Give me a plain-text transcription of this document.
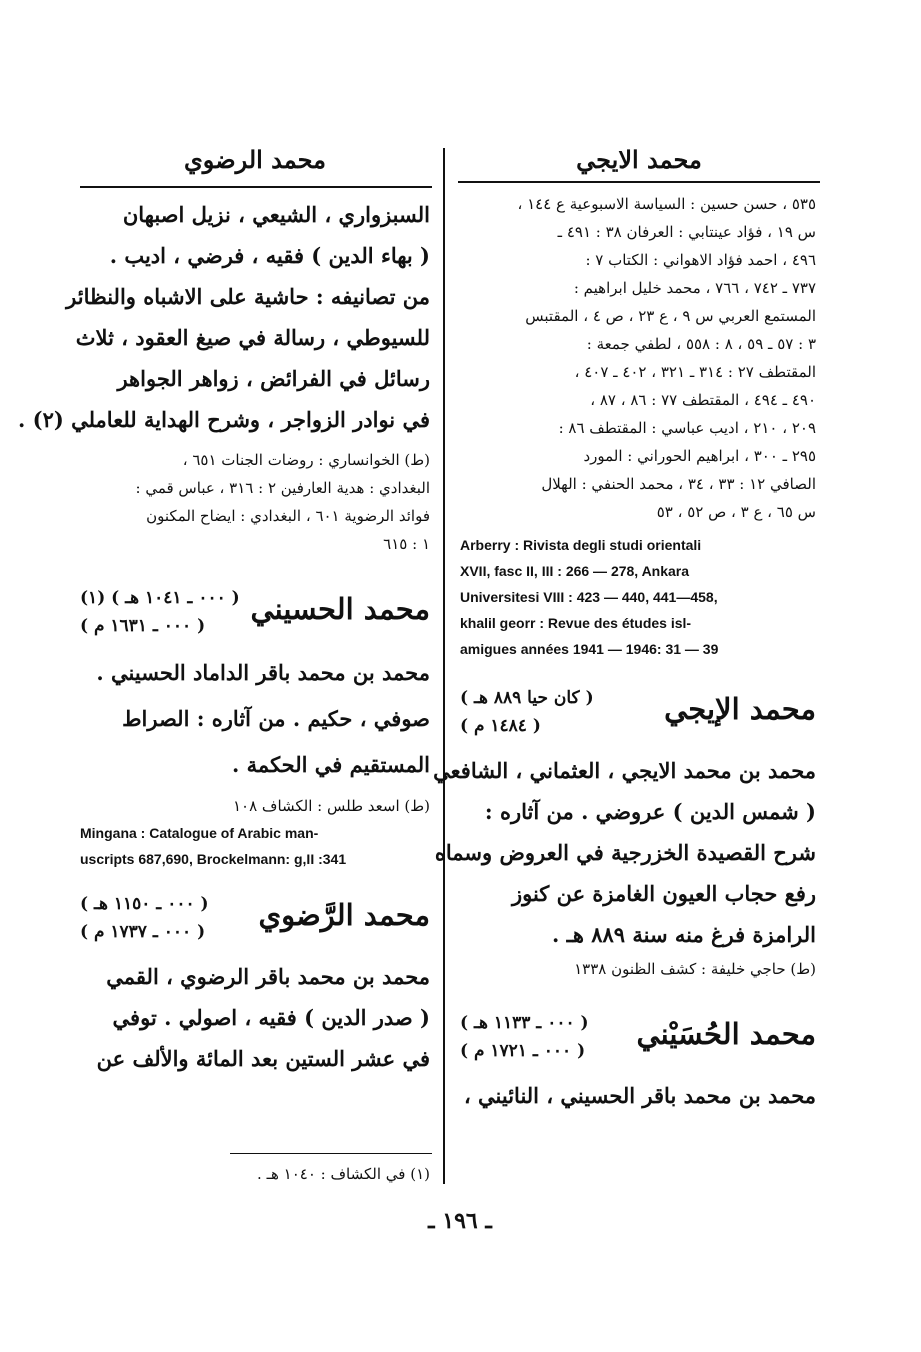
محمد الرضوي	محمد الايجي
٥٣٥ ، حسن حسين : السياسة الاسبوعية ع ١٤٤ ،
س ١٩ ، فؤاد عينتابي : العرفان ٣٨ : ٤٩١ ـ
٤٩٦ ، احمد فؤاد الاهواني : الكتاب ٧ :
٧٣٧ ـ ٧٤٢ ، ٧٦٦ ، محمد خليل ابراهيم :
المستمع العربي س ٩ ، ع ٢٣ ، ص ٤ ، المقتبس
٣ : ٥٧ ـ ٥٩ ، ٨ : ٥٥٨ ، لطفي جمعة :
المقتطف ٢٧ : ٣١٤ ـ ٣٢١ ، ٤٠٢ ـ ٤٠٧ ،
٤٩٠ ـ ٤٩٤ ، المقتطف ٧٧ : ٨٦ ، ٨٧ ،
٢٠٩ ، ٢١٠ ، اديب عباسي : المقتطف ٨٦ :
٢٩٥ ـ ٣٠٠ ، ابراهيم الحوراني : المورد
الصافي ١٢ : ٣٣ ، ٣٤ ، محمد الحنفي : الهلال
س ٦٥ ، ع ٣ ، ص ٥٢ ، ٥٣
Arberry : Rivista degli studi orientali
XVII, fasc II, III : 266 — 278, Ankara
Universitesi VIII : 423 — 440, 441—458,
khalil georr : Revue des études isl-
amigues années 1941 — 1946: 31 — 39
محمد الإيجي
( كان حيا ٨٨٩ هـ )
( ١٤٨٤ م )
محمد بن محمد الايجي ، العثماني ، الشافعي
( شمس الدين ) عروضي . من آثاره :
شرح القصيدة الخزرجية في العروض وسماه
رفع حجاب العيون الغامزة عن كنوز
الرامزة فرغ منه سنة ٨٨٩ هـ .
(ط) حاجي خليفة : كشف الظنون ١٣٣٨
محمد الحُسَيْني
( ٠٠٠ ـ ١١٣٣ هـ )
( ٠٠٠ ـ ١٧٢١ م )
محمد بن محمد باقر الحسيني ، النائيني ،
السبزواري ، الشيعي ، نزيل اصبهان
( بهاء الدين ) فقيه ، فرضي ، اديب .
من تصانيفه : حاشية على الاشباه والنظائر
للسيوطي ، رسالة في صيغ العقود ، ثلاث
رسائل في الفرائض ، زواهر الجواهر
في نوادر الزواجر ، وشرح الهداية للعاملي (٢) .
(ط) الخوانساري : روضات الجنات ٦٥١ ،
البغدادي : هدية العارفين ٢ : ٣١٦ ، عباس قمي :
فوائد الرضوية ٦٠١ ، البغدادي : ايضاح المكنون
١ : ٦١٥
محمد الحسيني
( ٠٠٠ ـ ١٠٤١ هـ ) (١)
( ٠٠٠ ـ ١٦٣١ م )
محمد بن محمد باقر الداماد الحسيني .
صوفي ، حكيم . من آثاره : الصراط
المستقيم في الحكمة .
(ط) اسعد طلس : الكشاف ١٠٨
Mingana : Catalogue of Arabic man-
uscripts 687,690, Brockelmann: g,II :341
محمد الرَّضوي
( ٠٠٠ ـ ١١٥٠ هـ )
( ٠٠٠ ـ ١٧٣٧ م )
محمد بن محمد باقر الرضوي ، القمي
( صدر الدين ) فقيه ، اصولي . توفي
في عشر الستين بعد المائة والألف عن
(١) في الكشاف : ١٠٤٠ هـ .
ـ ١٩٦ ـ
